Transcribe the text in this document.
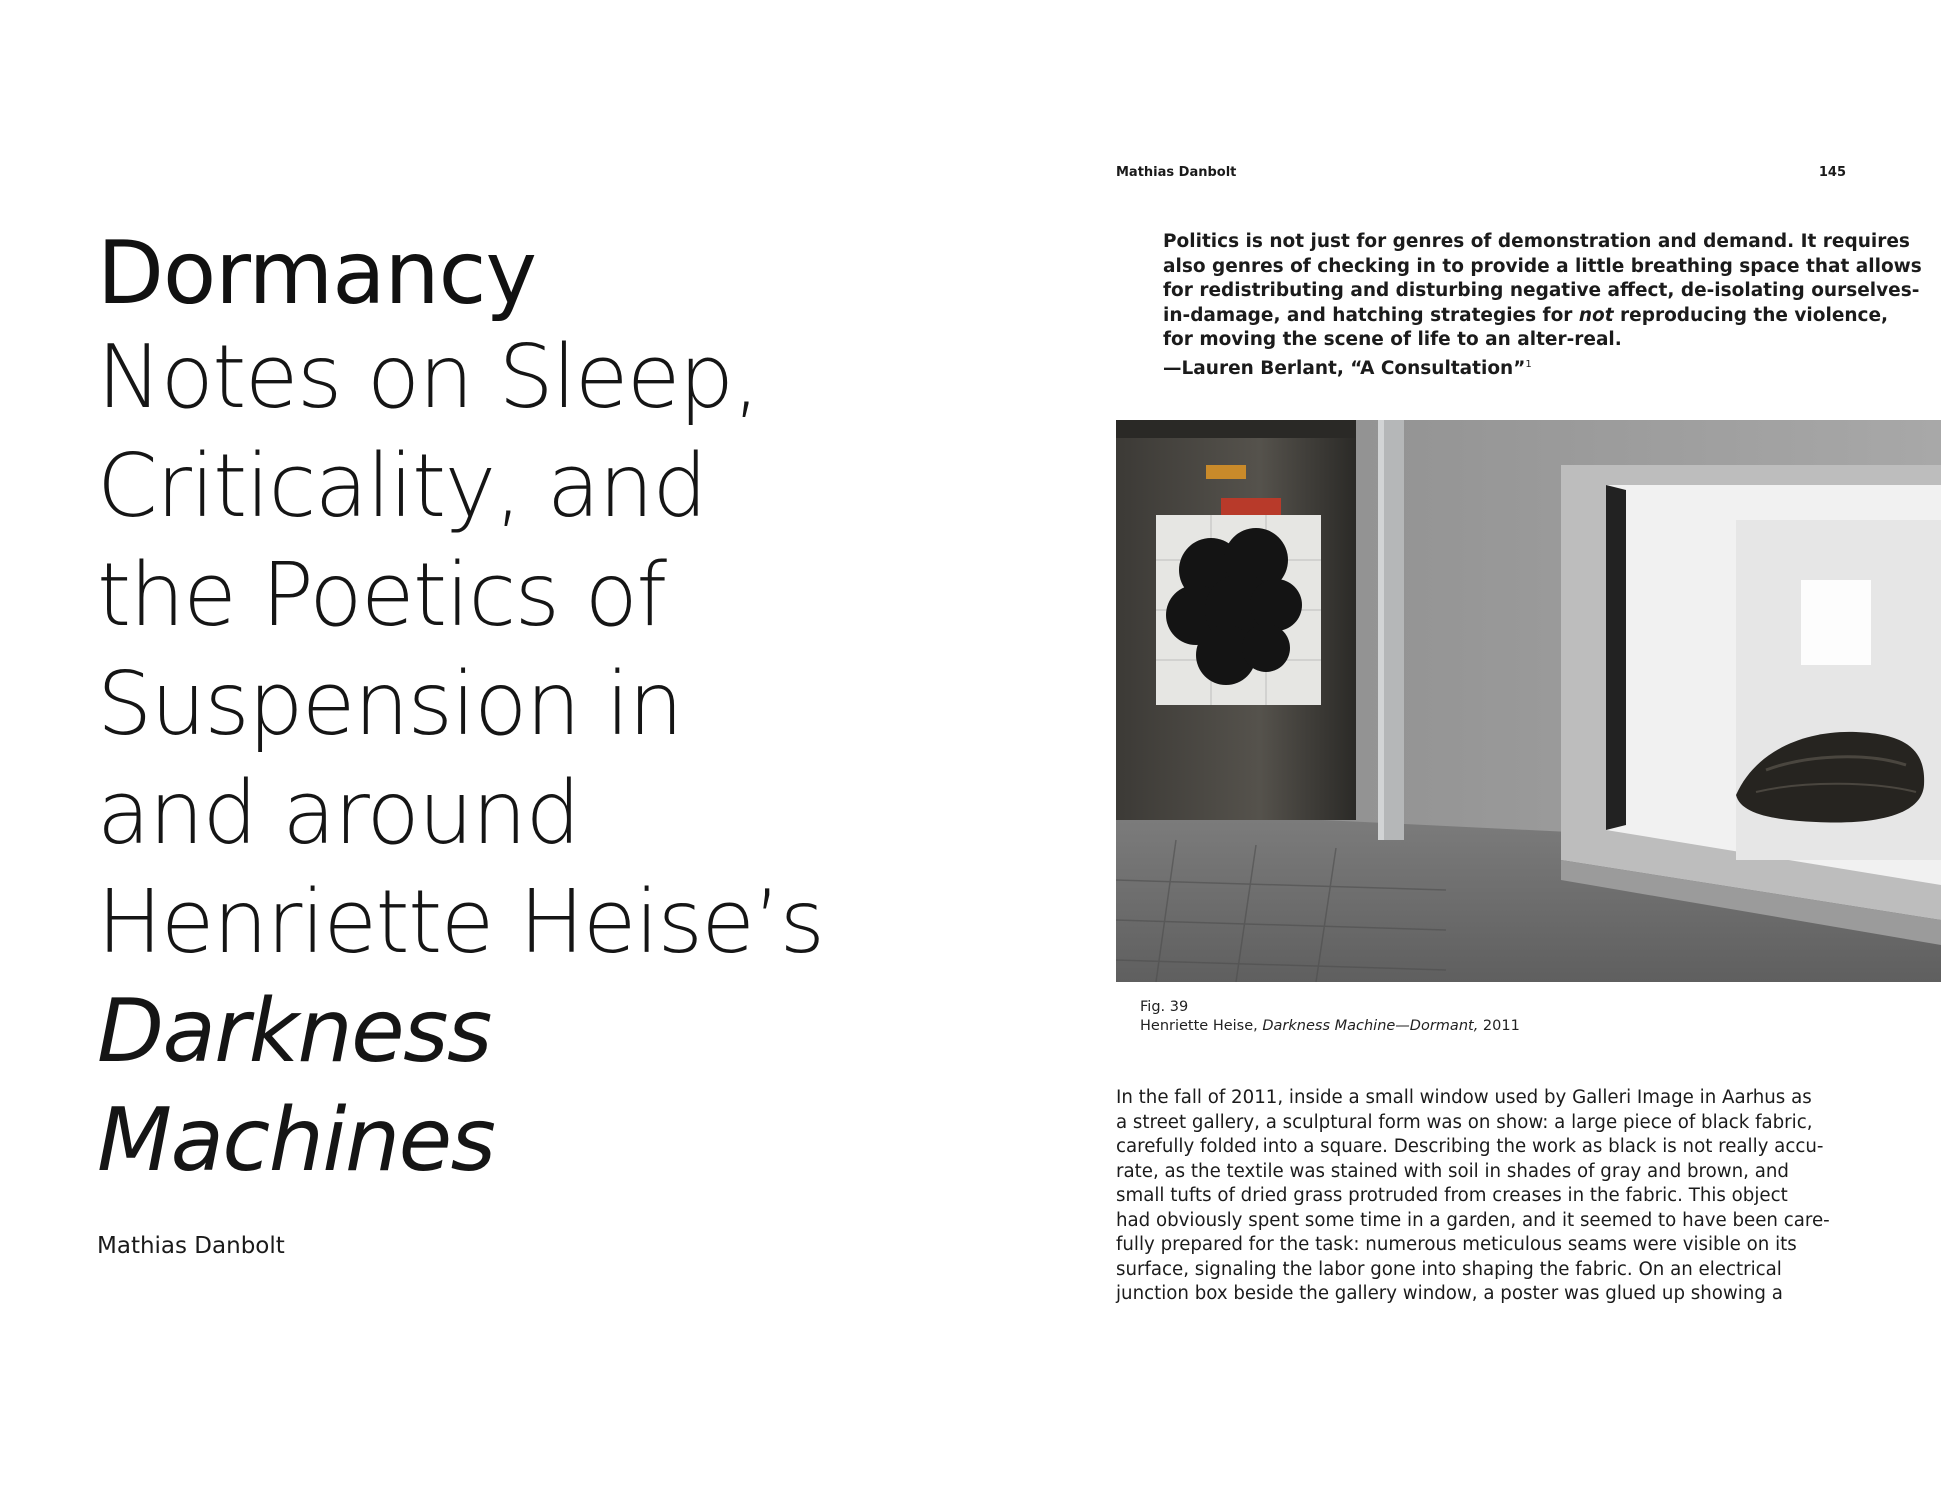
Dormancy
Notes on Sleep,
Criticality, and
the Poetics of
Suspension in
and around
Henriette Heise’s
Darkness
Machines
Mathias Danbolt
Mathias Danbolt	145
Politics is not just for genres of demonstration and demand. It requires
also genres of checking in to provide a little breathing space that allows
for redistributing and disturbing negative affect, de-isolating ourselves-
in-damage, and hatching strategies for not reproducing the violence,
for moving the scene of life to an alter-real.
—Lauren Berlant, “A Consultation”$^1$
Fig. 39
Henriette Heise, Darkness Machine—Dormant, 2011
In the fall of 2011, inside a small window used by Galleri Image in Aarhus as
a street gallery, a sculptural form was on show: a large piece of black fabric,
carefully folded into a square. Describing the work as black is not really accu-
rate, as the textile was stained with soil in shades of gray and brown, and
small tufts of dried grass protruded from creases in the fabric. This object
had obviously spent some time in a garden, and it seemed to have been care-
fully prepared for the task: numerous meticulous seams were visible on its
surface, signaling the labor gone into shaping the fabric. On an electrical
junction box beside the gallery window, a poster was glued up showing a
